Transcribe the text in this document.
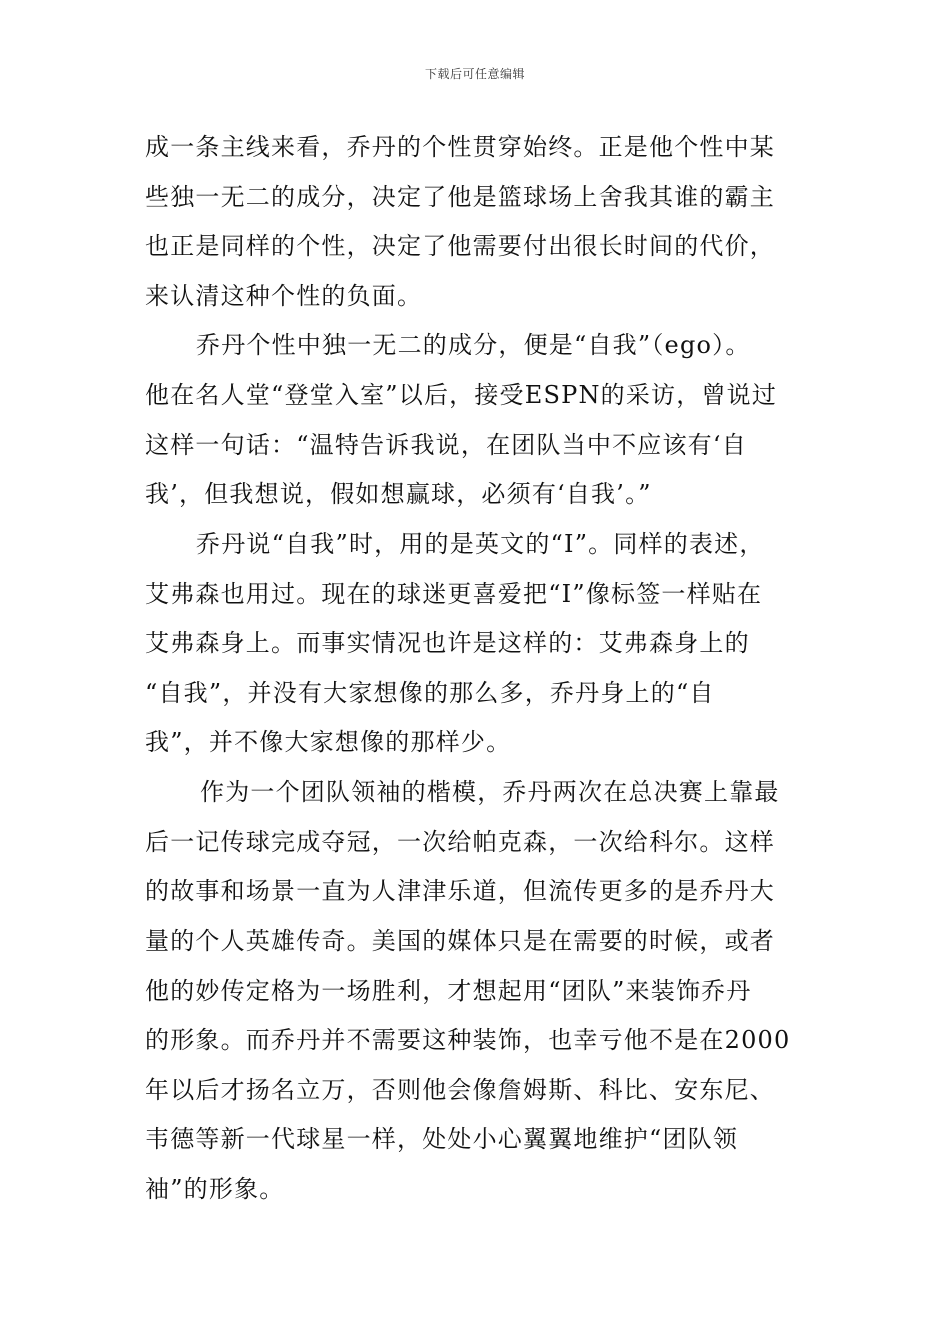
下载后可任意编辑
成一条主线来看，乔丹的个性贯穿始终。正是他个性中某
些独一无二的成分，决定了他是篮球场上舍我其谁的霸主
也正是同样的个性，决定了他需要付出很长时间的代价，
来认清这种个性的负面。
乔丹个性中独一无二的成分，便是“自我”（ego）。
他在名人堂“登堂入室”以后，接受ESPN的采访，曾说过
这样一句话：“温特告诉我说，在团队当中不应该有‘自
我’，但我想说，假如想赢球，必须有‘自我’。”
乔丹说“自我”时，用的是英文的“I”。同样的表述，
艾弗森也用过。现在的球迷更喜爱把“I”像标签一样贴在
艾弗森身上。而事实情况也许是这样的：艾弗森身上的
“自我”，并没有大家想像的那么多，乔丹身上的“自
我”，并不像大家想像的那样少。
作为一个团队领袖的楷模，乔丹两次在总决赛上靠最
后一记传球完成夺冠，一次给帕克森，一次给科尔。这样
的故事和场景一直为人津津乐道，但流传更多的是乔丹大
量的个人英雄传奇。美国的媒体只是在需要的时候，或者
他的妙传定格为一场胜利，才想起用“团队”来装饰乔丹
的形象。而乔丹并不需要这种装饰，也幸亏他不是在2000
年以后才扬名立万，否则他会像詹姆斯、科比、安东尼、
韦德等新一代球星一样，处处小心翼翼地维护“团队领
袖”的形象。
